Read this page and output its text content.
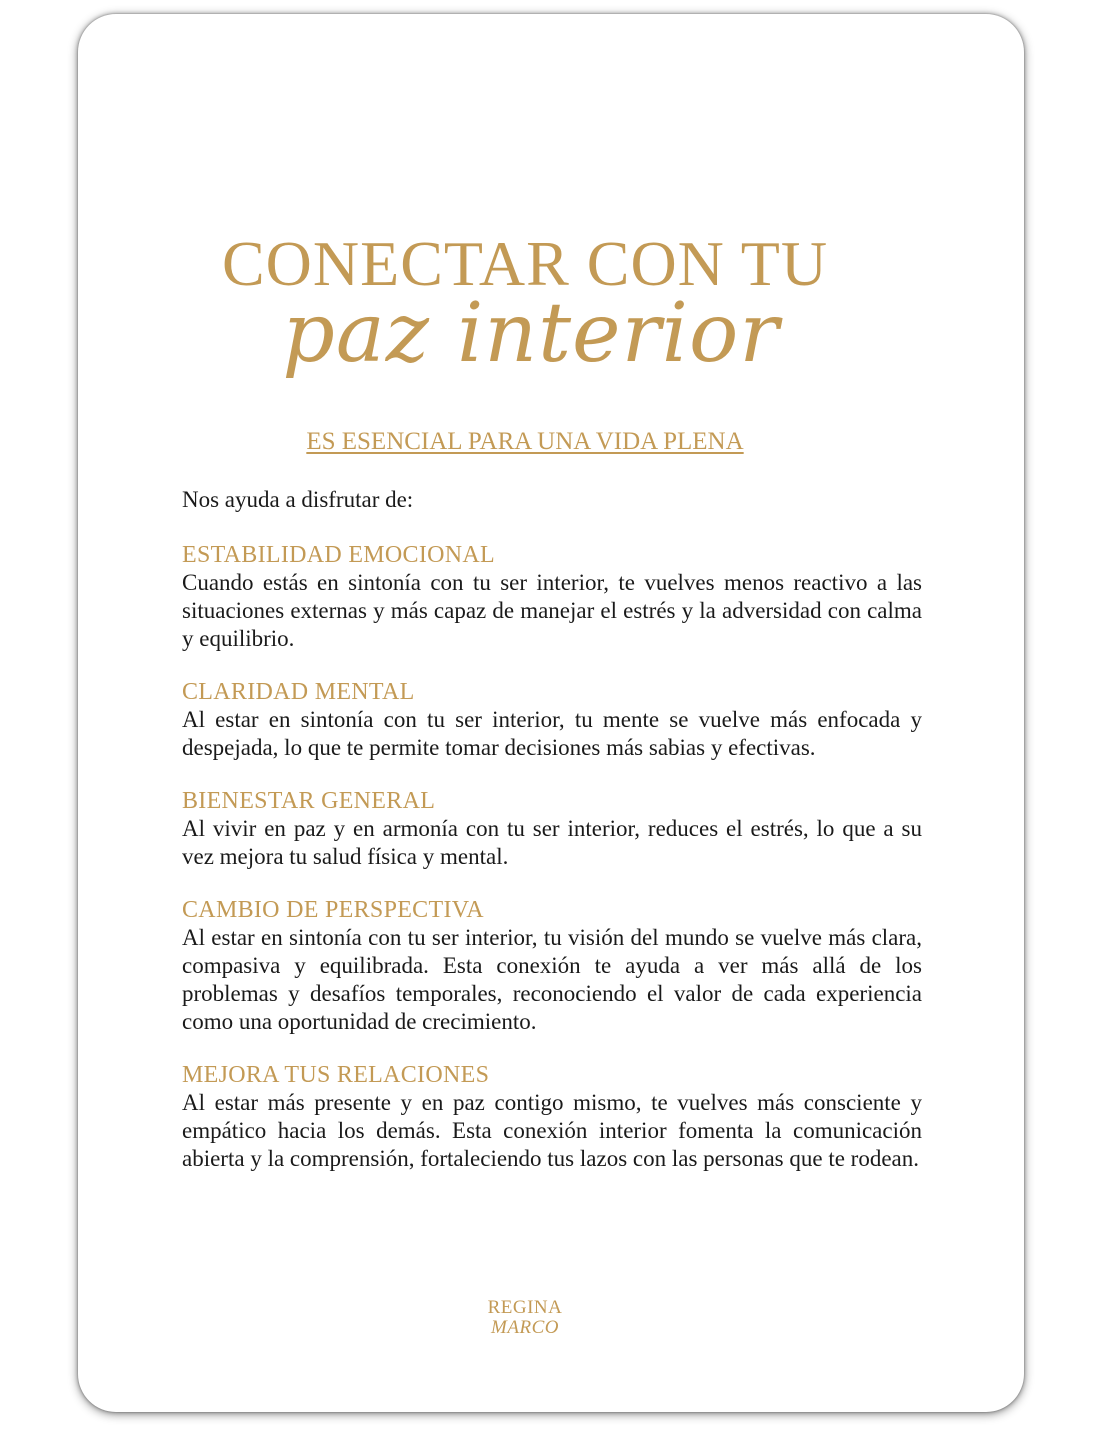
CONECTAR CON TU
paz interior
ES ESENCIAL PARA UNA VIDA PLENA

Nos ayuda a disfrutar de:

ESTABILIDAD EMOCIONAL

Cuando estás en sintonía con tu ser interior, te vuelves menos reactivo a las situaciones externas y más capaz de manejar el estrés y la adversidad con calma y equilibrio.

CLARIDAD MENTAL

Al estar en sintonía con tu ser interior, tu mente se vuelve más enfocada y despejada, lo que te permite tomar decisiones más sabias y efectivas.

BIENESTAR GENERAL

Al vivir en paz y en armonía con tu ser interior, reduces el estrés, lo que a su vez mejora tu salud física y mental.

CAMBIO DE PERSPECTIVA

Al estar en sintonía con tu ser interior, tu visión del mundo se vuelve más clara, compasiva y equilibrada. Esta conexión te ayuda a ver más allá de los problemas y desafíos temporales, reconociendo el valor de cada experiencia como una oportunidad de crecimiento.

MEJORA TUS RELACIONES

Al estar más presente y en paz contigo mismo, te vuelves más consciente y empático hacia los demás. Esta conexión interior fomenta la comunicación abierta y la comprensión, fortaleciendo tus lazos con las personas que te rodean.

REGINA
MARCO
